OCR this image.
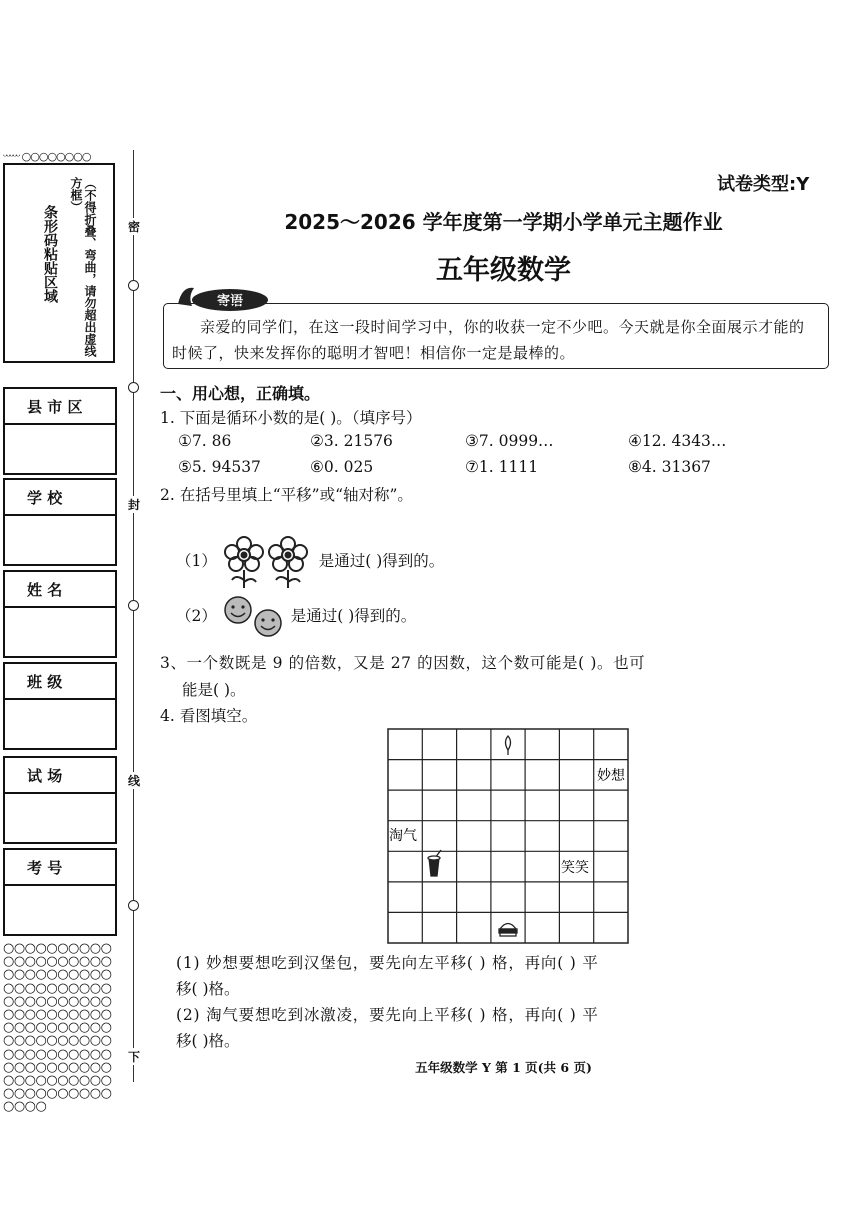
ᵕᵕᵕᵕᵕ ○○○○○○○○
（不得折叠、弯曲，请勿超出虚线方框）
条形码粘贴区域
县 市 区
学 校
姓 名
班 级
试 场
考 号
○○○○○○○○○○○○○○○○○○○○○○○○○○○○○○○○○○○○○○○○○○○○○○○○○○○○○○○○○○○○○○○○○○○○○○○○○○○○○○○○○○○○○○○○○○○○○○○○○○○○○○○○○○○○○○○○○○○○○○○○○○○○
密
封
线
下
试卷类型:Y
2025～2026 学年度第一学期小学单元主题作业
五年级数学
寄语
亲爱的同学们，在这一段时间学习中，你的收获一定不少吧。今天就是你全面展示才能的时候了，快来发挥你的聪明才智吧！相信你一定是最棒的。
一、用心想，正确填。
1. 下面是循环小数的是( )。（填序号）
①7. 86	②3. 21576	③7. 0999…	④12. 4343…
⑤5. 94537	⑥0. 025	⑦1. 1111	⑧4. 31367
2. 在括号里填上“平移”或“轴对称”。
（1）	是通过( )得到的。
（2）	是通过( )得到的。
3、一个数既是 9 的倍数，又是 27 的因数，这个数可能是( )。也可
能是( )。
4. 看图填空。
妙想
淘气
笑笑
(1) 妙想要想吃到汉堡包，要先向左平移( ) 格，再向( ) 平
移( )格。
(2) 淘气要想吃到冰激凌，要先向上平移( ) 格，再向( ) 平
移( )格。
五年级数学 Y 第 1 页(共 6 页)
